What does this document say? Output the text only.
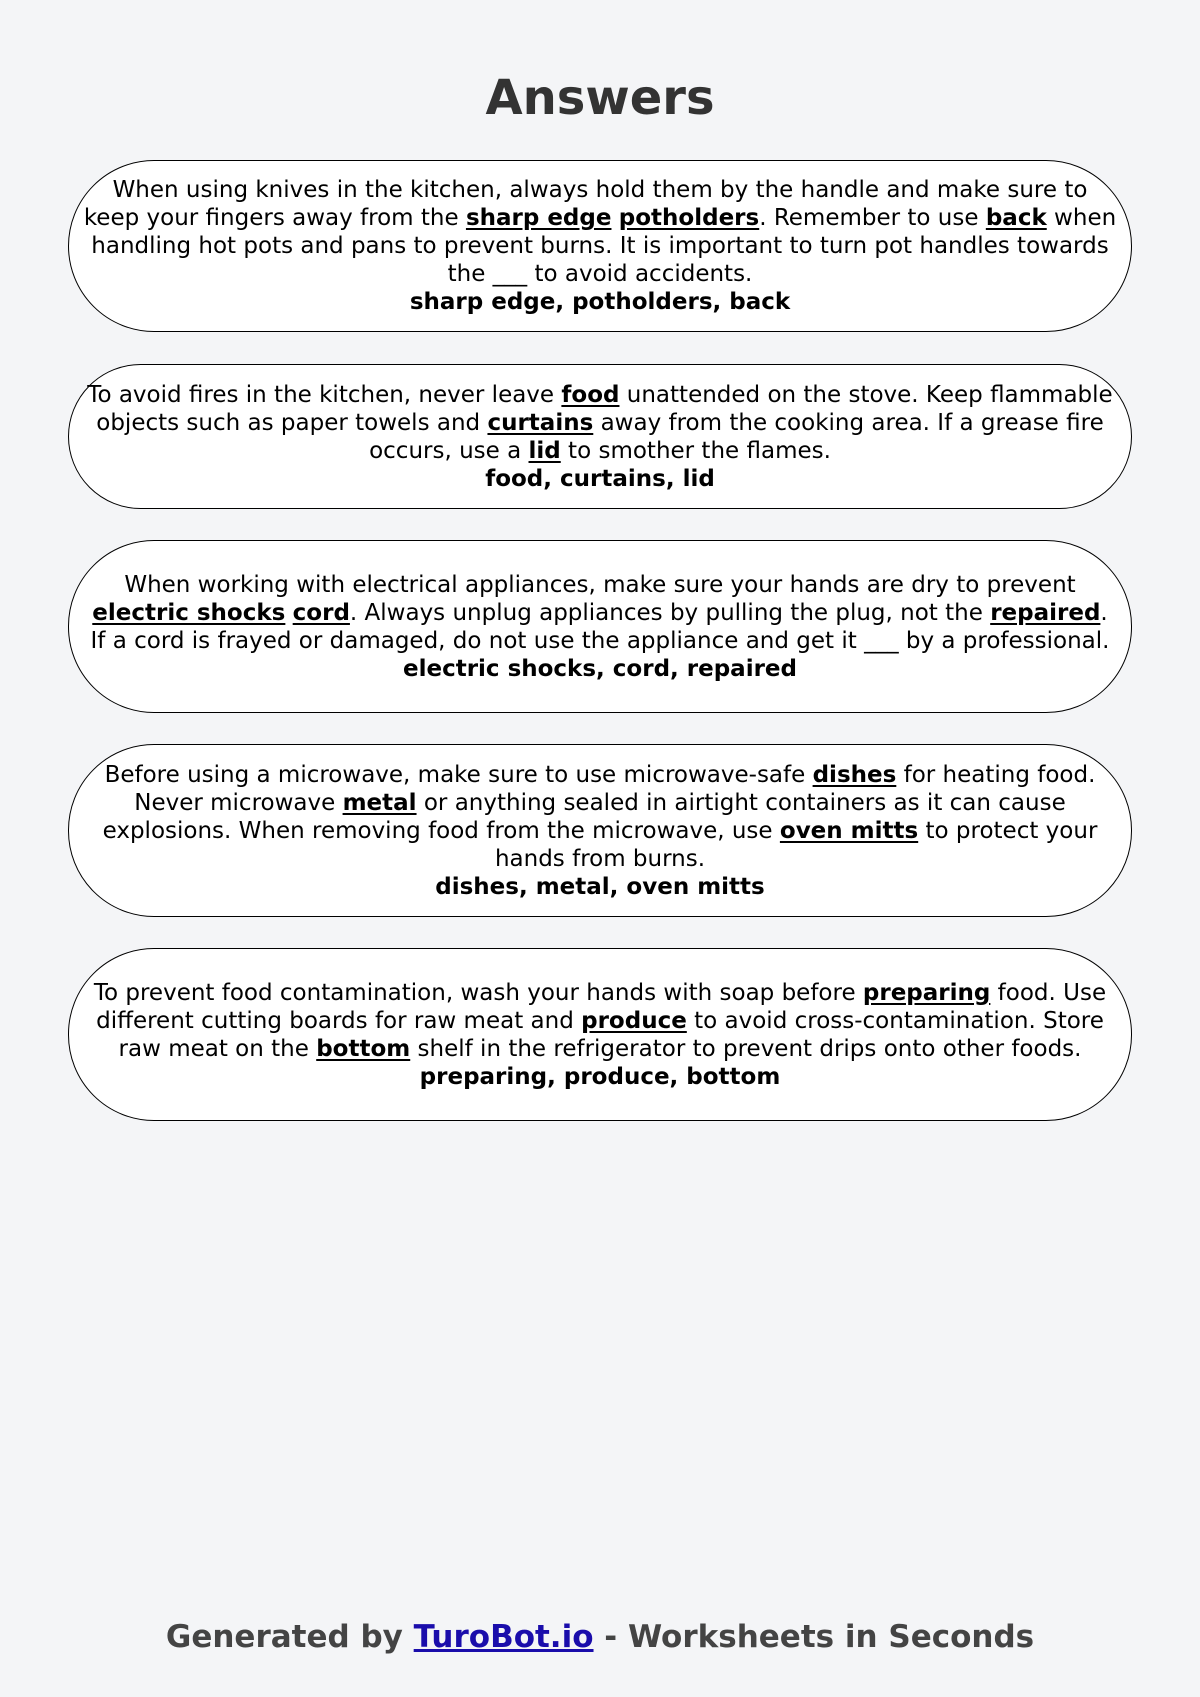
Answers

When using knives in the kitchen, always hold them by the handle and make sure to keep your fingers away from the sharp edge potholders. Remember to use back when handling hot pots and pans to prevent burns. It is important to turn pot handles towards the ___ to avoid accidents.

sharp edge, potholders, back

To avoid fires in the kitchen, never leave food unattended on the stove. Keep flammable objects such as paper towels and curtains away from the cooking area. If a grease fire occurs, use a lid to smother the flames.

food, curtains, lid

When working with electrical appliances, make sure your hands are dry to prevent electric shocks cord. Always unplug appliances by pulling the plug, not the repaired. If a cord is frayed or damaged, do not use the appliance and get it ___ by a professional.

electric shocks, cord, repaired

Before using a microwave, make sure to use microwave-safe dishes for heating food. Never microwave metal or anything sealed in airtight containers as it can cause explosions. When removing food from the microwave, use oven mitts to protect your hands from burns.

dishes, metal, oven mitts

To prevent food contamination, wash your hands with soap before preparing food. Use different cutting boards for raw meat and produce to avoid cross-contamination. Store raw meat on the bottom shelf in the refrigerator to prevent drips onto other foods.

preparing, produce, bottom

Generated by TuroBot.io - Worksheets in Seconds
